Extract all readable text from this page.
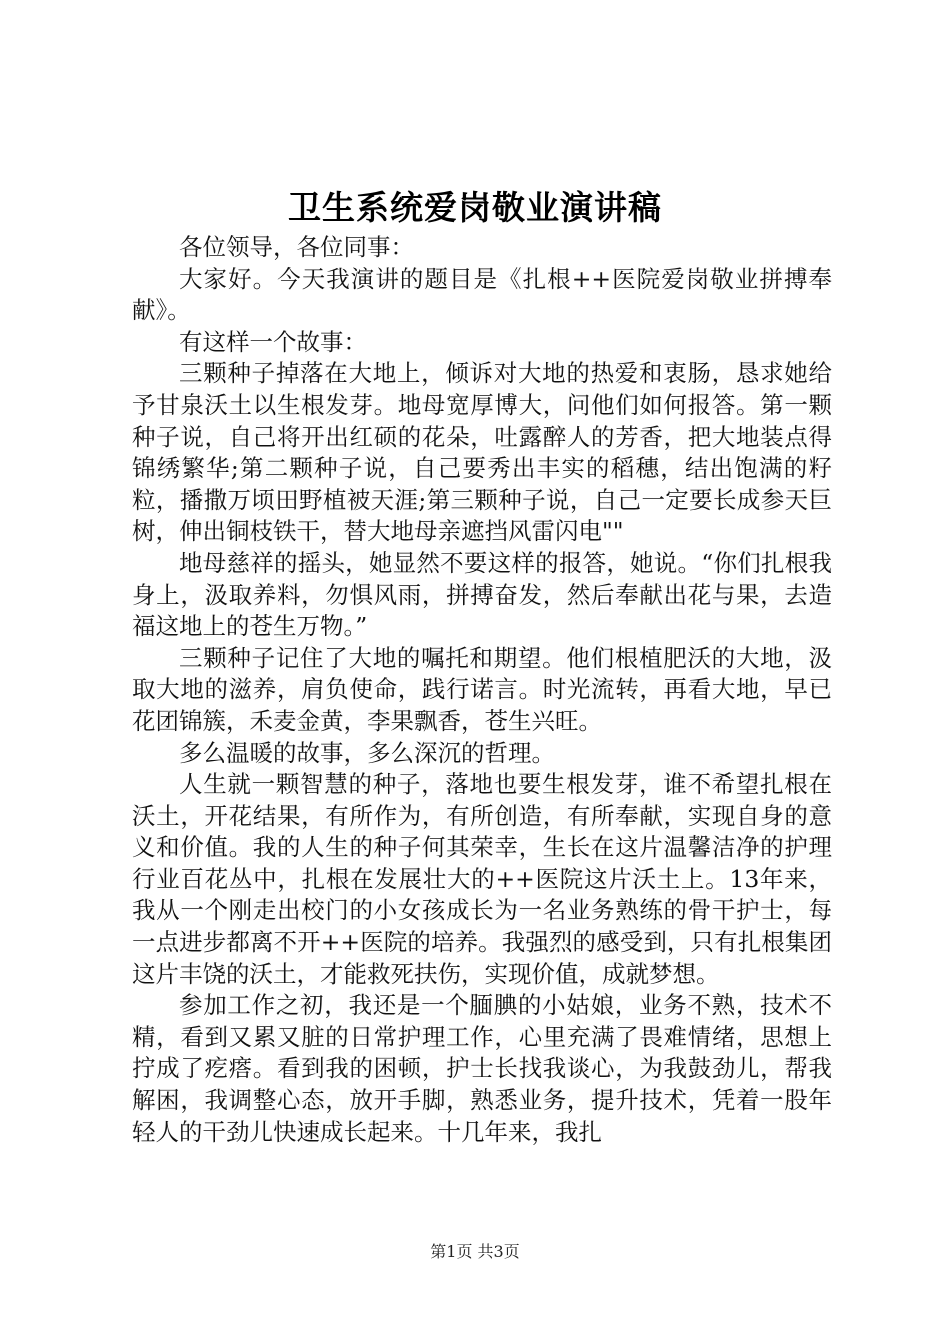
卫生系统爱岗敬业演讲稿

各位领导，各位同事：

大家好。今天我演讲的题目是《扎根++医院爱岗敬业拼搏奉献》。

有这样一个故事：

三颗种子掉落在大地上，倾诉对大地的热爱和衷肠，恳求她给予甘泉沃土以生根发芽。地母宽厚博大，问他们如何报答。第一颗种子说，自己将开出红硕的花朵，吐露醉人的芳香，把大地装点得锦绣繁华;第二颗种子说，自己要秀出丰实的稻穗，结出饱满的籽粒，播撒万顷田野植被天涯;第三颗种子说，自己一定要长成参天巨树，伸出铜枝铁干，替大地母亲遮挡风雷闪电""

地母慈祥的摇头，她显然不要这样的报答，她说。“你们扎根我身上，汲取养料，勿惧风雨，拼搏奋发，然后奉献出花与果，去造福这地上的苍生万物。”

三颗种子记住了大地的嘱托和期望。他们根植肥沃的大地，汲取大地的滋养，肩负使命，践行诺言。时光流转，再看大地，早已花团锦簇，禾麦金黄，李果飘香，苍生兴旺。

多么温暖的故事，多么深沉的哲理。

人生就一颗智慧的种子，落地也要生根发芽，谁不希望扎根在沃土，开花结果，有所作为，有所创造，有所奉献，实现自身的意义和价值。我的人生的种子何其荣幸，生长在这片温馨洁净的护理行业百花丛中，扎根在发展壮大的++医院这片沃土上。13年来，我从一个刚走出校门的小女孩成长为一名业务熟练的骨干护士，每一点进步都离不开++医院的培养。我强烈的感受到，只有扎根集团这片丰饶的沃土，才能救死扶伤，实现价值，成就梦想。

参加工作之初，我还是一个腼腆的小姑娘，业务不熟，技术不精，看到又累又脏的日常护理工作，心里充满了畏难情绪，思想上拧成了疙瘩。看到我的困顿，护士长找我谈心，为我鼓劲儿，帮我解困，我调整心态，放开手脚，熟悉业务，提升技术，凭着一股年轻人的干劲儿快速成长起来。十几年来，我扎

第1页 共3页
